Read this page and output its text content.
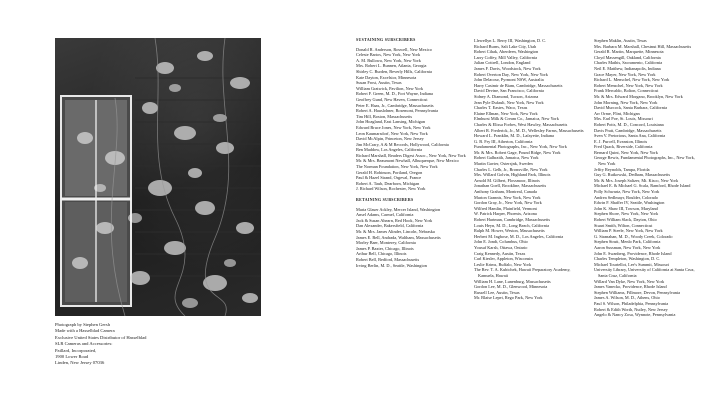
Photograph by Stephen Gersh
Made with a Hasselblad Camera
Exclusive United States Distributor of Hasselblad
SLR Cameras and Accessories:
Paillard, Incorporated,
1900 Lower Road
Linden, New Jersey 07036
SUSTAINING SUBSCRIBERS
Donald R. Anderson, Roswell, New Mexico
Celeste Bartos, New York, New York
A. M. Bullowa, New York, New York
Mrs. Robert L. Bunnen, Atlanta, Georgia
Shirley C. Burden, Beverly Hills, California
Kate Dayton, Excelsior, Minnesota
Susan Frost, Austin, Texas
William Gratwick, Pavilion, New York
Robert F. Green, M. D., Fort Wayne, Indiana
Geoffrey Gund, New Haven, Connecticut
Peter E. Haas, Jr., Cambridge, Massachusetts
Robert A. Hauslohner, Rosemont, Pennsylvania
Tim Hill, Boston, Massachusetts
John Hoagland, East Lansing, Michigan
Edward Bruce Jones, New York, New York
Leon Kaumarsdorf, New York, New York
David McAlpin, Princeton, New Jersey
Jim McCrary, A & M Records, Hollywood, California
Ben Maddow, Los Angeles, California
Richard Marshall, Readers Digest Assoc., New York, New York
Mr. & Mrs. Beaumont Newhall, Albuquerque, New Mexico
The Norman Foundation, New York, New York
Gerald H. Robinson, Portland, Oregon
Paul & Hazel Strand, Orgeval, France
Robert A. Taub, Dearborn, Michigan
J. Richard Wilson, Rochester, New York
RETAINING SUBSCRIBERS
Maria Glaser Ackley, Mercer Island, Washington
Ansel Adams, Carmel, California
Jack & Susan Ahearn, Red Hook, New York
Dan Alexander, Bakersfield, California
Mr. & Mrs. James Alinder, Lincoln, Nebraska
James E. Bell, Andrada, Waltham, Massachusetts
Morley Baer, Monterey, California
James P. Baxter, Chicago, Illinois
Arthur Bell, Chicago, Illinois
Robert Bell, Bedford, Massachusetts
Irving Berlin, M. D., Seattle, Washington
Llewellyn L. Berry III, Washington, D. C.
Richard Burns, Salt Lake City, Utah
Robert Cihak, Aberdeen, Washington
Larry Coffey, Mill Valley, California
Julian Cottrell, London, England
James F. Davis, Woodstock, New York
Robert Overton Day, New York, New York
John Delacour, Pyrmont NSW, Australia
Harry Casimir de Biam, Cambridge, Massachusetts
David Devine, San Francisco, California
Sidney A. Diamond, Tucson, Arizona
Jean Pyle Dufault, New York, New York
Charles T. Eastes, Waco, Texas
Elaine Ellman, New York, New York
Elmhurst Milk & Cream Co., Jamaica, New York
Charles & Elissa Forbes, West Hawley, Massachusetts
Albert R. Frederick, Jr., M. D., Wellesley Farms, Massachusetts
Howard L. Franklin, M. D., Lafayette, Indiana
G. B. Fry III, Atherton, California
Fundamental Photographs, Inc., New York, New York
Mr. & Mrs. Robert Gage, Pound Ridge, New York
Robert Galbraith, Jamaica, New York
Martin Gavier, Ostersjnk, Sweden
Charles L. Gelb, Jr., Bronxville, New York
Mrs. Willard Golvin, Highland Park, Illinois
Arnold M. Gilbert, Flossmoor, Illinois
Jonathan Goell, Brookline, Massachusetts
Anthony Graham, Montreal, Canada
Marion Grannis, New York, New York
Gordon Gray, Jr., New York, New York
Wilfred Hamlin, Plainfield, Vermont
W. Patrick Harper, Phoenix, Arizona
Robert Hartman, Cambridge, Massachusetts
Louis Heyn, M. D., Long Beach, California
Ralph M. Hower, Weston, Massachusetts
Herbert M. Ingbose, M. D., Los Angeles, California
John E. Jondt, Columbus, Ohio
Yousuf Karsh, Ottawa, Ontario
Craig Kennedy, Austin, Texas
Carl Kiesler, Appleton, Wisconsin
Leslie Krims, Buffalo, New York
The Rev. T. A. Kubichek, Hawaii Preparatory Academy, Kamuela, Hawaii
William H. Lane, Lunenburg, Massachusetts
Gordon Lee, M. D., Glenwood, Minnesota
Russell Lee, Austin, Texas
Mr. Blaise Lepei, Rego Park, New York
Stephen Maklin, Austin, Texas
Mrs. Barbara M. Marshall, Chestnut Hill, Massachusetts
Gerald R. Martin, Marquette, Minnesota
Cloyd Massengill, Oakland, California
Charles Mathis, Sacramento, California
Neil E. Matthew, Indianapolis, Indiana
Grace Mayer, New York, New York
Richard L. Menschel, New York, New York
Robert Menschel, New York, New York
Frank Mercaldo, Bolton, Connecticut
Mr. & Mrs. Edward Morgano, Brooklyn, New York
John Morning, New York, New York
David Murcock, Santa Barbara, California
Arr Orme, Flint, Michigan
Mrs. Earl Poe, St. Louis, Missouri
Robert Potts, M. D., Concord, Louisiana
Davis Pratt, Cambridge, Massachusetts
Sven V. Pretorious, Santa Ana, California
E. J. Purcell, Evanston, Illinois
Fred Quack, Riverside, California
Bernard Quint, New York, New York
George Rewis, Fundamental Photographs, Inc., New York, New York
Jeffry Reynolds, Tampa, Florida
Guy G. Rutkowski, Dedham, Massachusetts
Mr. & Mrs. Joseph Saltzer, Mt. Kisco, New York
Michael E. & Michael G. Scala, Ramford, Rhode Island
Polly Schwartz, New York, New York
Andrea Sedlmayr, Boulder, Colorado
Edwin F. Shaffer IV, Seattle, Washington
John K. Shaw III, Towson, Maryland
Stephen Shore, New York, New York
Robert William Slack, Dayton, Ohio
Stuart Smith, Wilton, Connecticut
William P. Steele, New York, New York
G. Stranahan, M. D., Woody Creek, Colorado
Stephen Strutt, Menlo Park, California
Aaron Sussman, New York, New York
John E. Swanberg, Providence, Rhode Island
Charles Templeton, Washington, D. C.
Michael Tourtellot, Lee's Summit, Missouri
University Library, University of California at Santa Cruz, Santa Cruz, California
Willard Van Dyke, New York, New York
James Vanecko, Providence, Rhode Island
Stephen Williams, Fillmore, Devon, Pennsylvania
James A. Wilson, M. D., Athens, Ohio
Paul S. Wilson, Philadelphia, Pennsylvania
Robert & Edith Worth, Nutley, New Jersey
Angelo & Nancy Zosa, Wynnote, Pennsylvania
